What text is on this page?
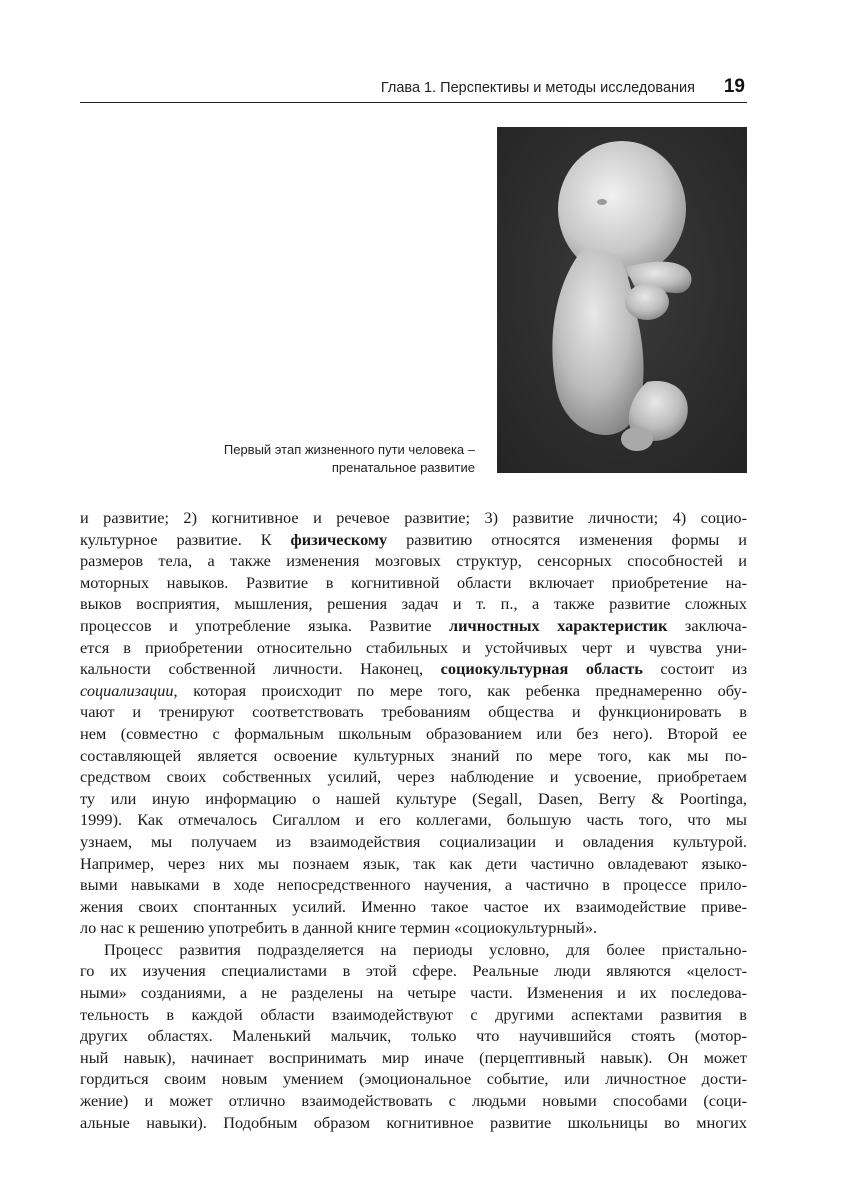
Глава 1. Перспективы и методы исследования 19
Первый этап жизненного пути человека –
пренатальное развитие
и развитие; 2) когнитивное и речевое развитие; 3) развитие личности; 4) социо-
культурное развитие. К физическому развитию относятся изменения формы и
размеров тела, а также изменения мозговых структур, сенсорных способностей и
моторных навыков. Развитие в когнитивной области включает приобретение на-
выков восприятия, мышления, решения задач и т. п., а также развитие сложных
процессов и употребление языка. Развитие личностных характеристик заключа-
ется в приобретении относительно стабильных и устойчивых черт и чувства уни-
кальности собственной личности. Наконец, социокультурная область состоит из
социализации, которая происходит по мере того, как ребенка преднамеренно обу-
чают и тренируют соответствовать требованиям общества и функционировать в
нем (совместно с формальным школьным образованием или без него). Второй ее
составляющей является освоение культурных знаний по мере того, как мы по-
средством своих собственных усилий, через наблюдение и усвоение, приобретаем
ту или иную информацию о нашей культуре (Segall, Dasen, Berry & Poortinga,
1999). Как отмечалось Сигаллом и его коллегами, большую часть того, что мы
узнаем, мы получаем из взаимодействия социализации и овладения культурой.
Например, через них мы познаем язык, так как дети частично овладевают языко-
выми навыками в ходе непосредственного научения, а частично в процессе прило-
жения своих спонтанных усилий. Именно такое частое их взаимодействие приве-
ло нас к решению употребить в данной книге термин «социокультурный».
Процесс развития подразделяется на периоды условно, для более пристально-
го их изучения специалистами в этой сфере. Реальные люди являются «целост-
ными» созданиями, а не разделены на четыре части. Изменения и их последова-
тельность в каждой области взаимодействуют с другими аспектами развития в
других областях. Маленький мальчик, только что научившийся стоять (мотор-
ный навык), начинает воспринимать мир иначе (перцептивный навык). Он может
гордиться своим новым умением (эмоциональное событие, или личностное дости-
жение) и может отлично взаимодействовать с людьми новыми способами (соци-
альные навыки). Подобным образом когнитивное развитие школьницы во многих
